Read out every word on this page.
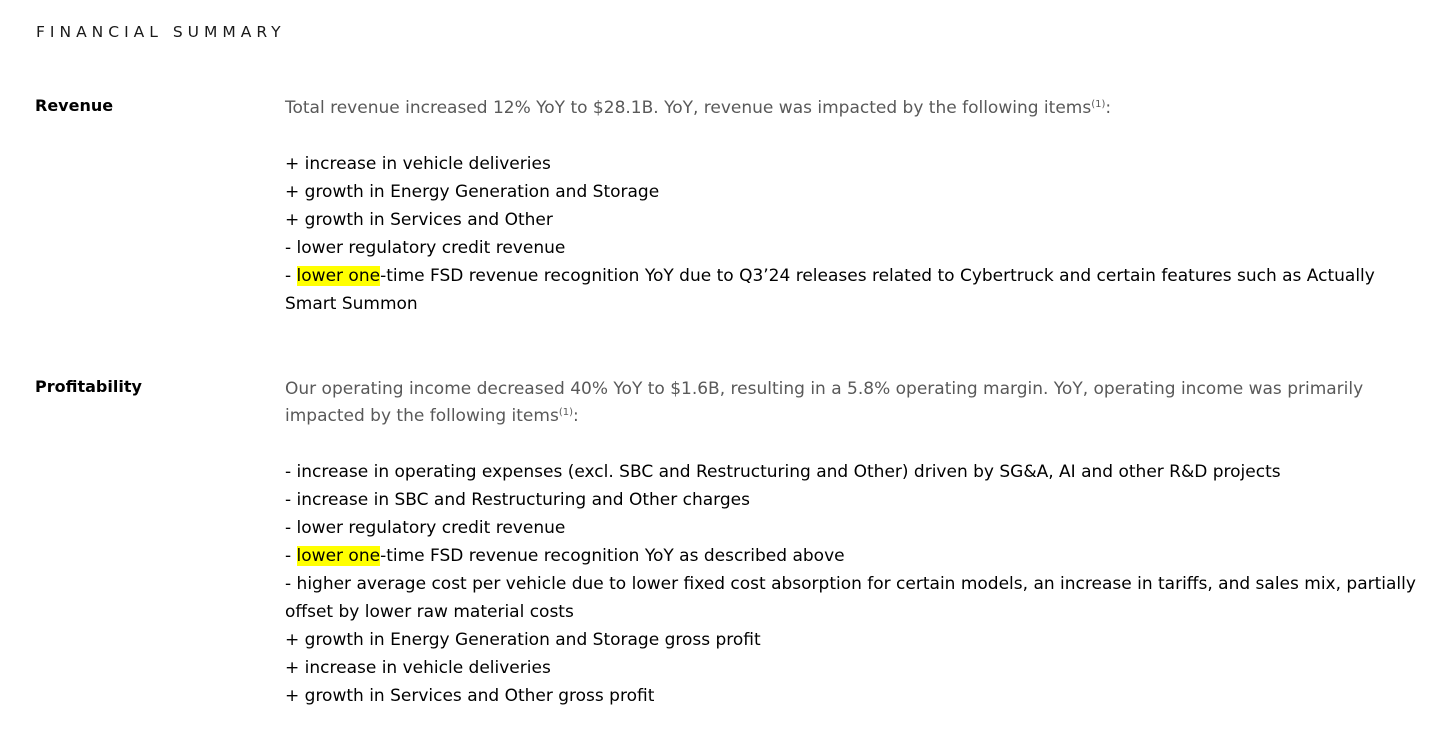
FINANCIAL SUMMARY
Revenue	Total revenue increased 12% YoY to $28.1B. YoY, revenue was impacted by the following items$^{(1)}$:

+ increase in vehicle deliveries
+ growth in Energy Generation and Storage
+ growth in Services and Other
- lower regulatory credit revenue
- lower one-time FSD revenue recognition YoY due to Q3’24 releases related to Cybertruck and certain features such as Actually Smart Summon
Profitability	Our operating income decreased 40% YoY to $1.6B, resulting in a 5.8% operating margin. YoY, operating income was primarily impacted by the following items$^{(1)}$:

- increase in operating expenses (excl. SBC and Restructuring and Other) driven by SG&A, AI and other R&D projects
- increase in SBC and Restructuring and Other charges
- lower regulatory credit revenue
- lower one-time FSD revenue recognition YoY as described above
- higher average cost per vehicle due to lower fixed cost absorption for certain models, an increase in tariffs, and sales mix, partially offset by lower raw material costs
+ growth in Energy Generation and Storage gross profit
+ increase in vehicle deliveries
+ growth in Services and Other gross profit
